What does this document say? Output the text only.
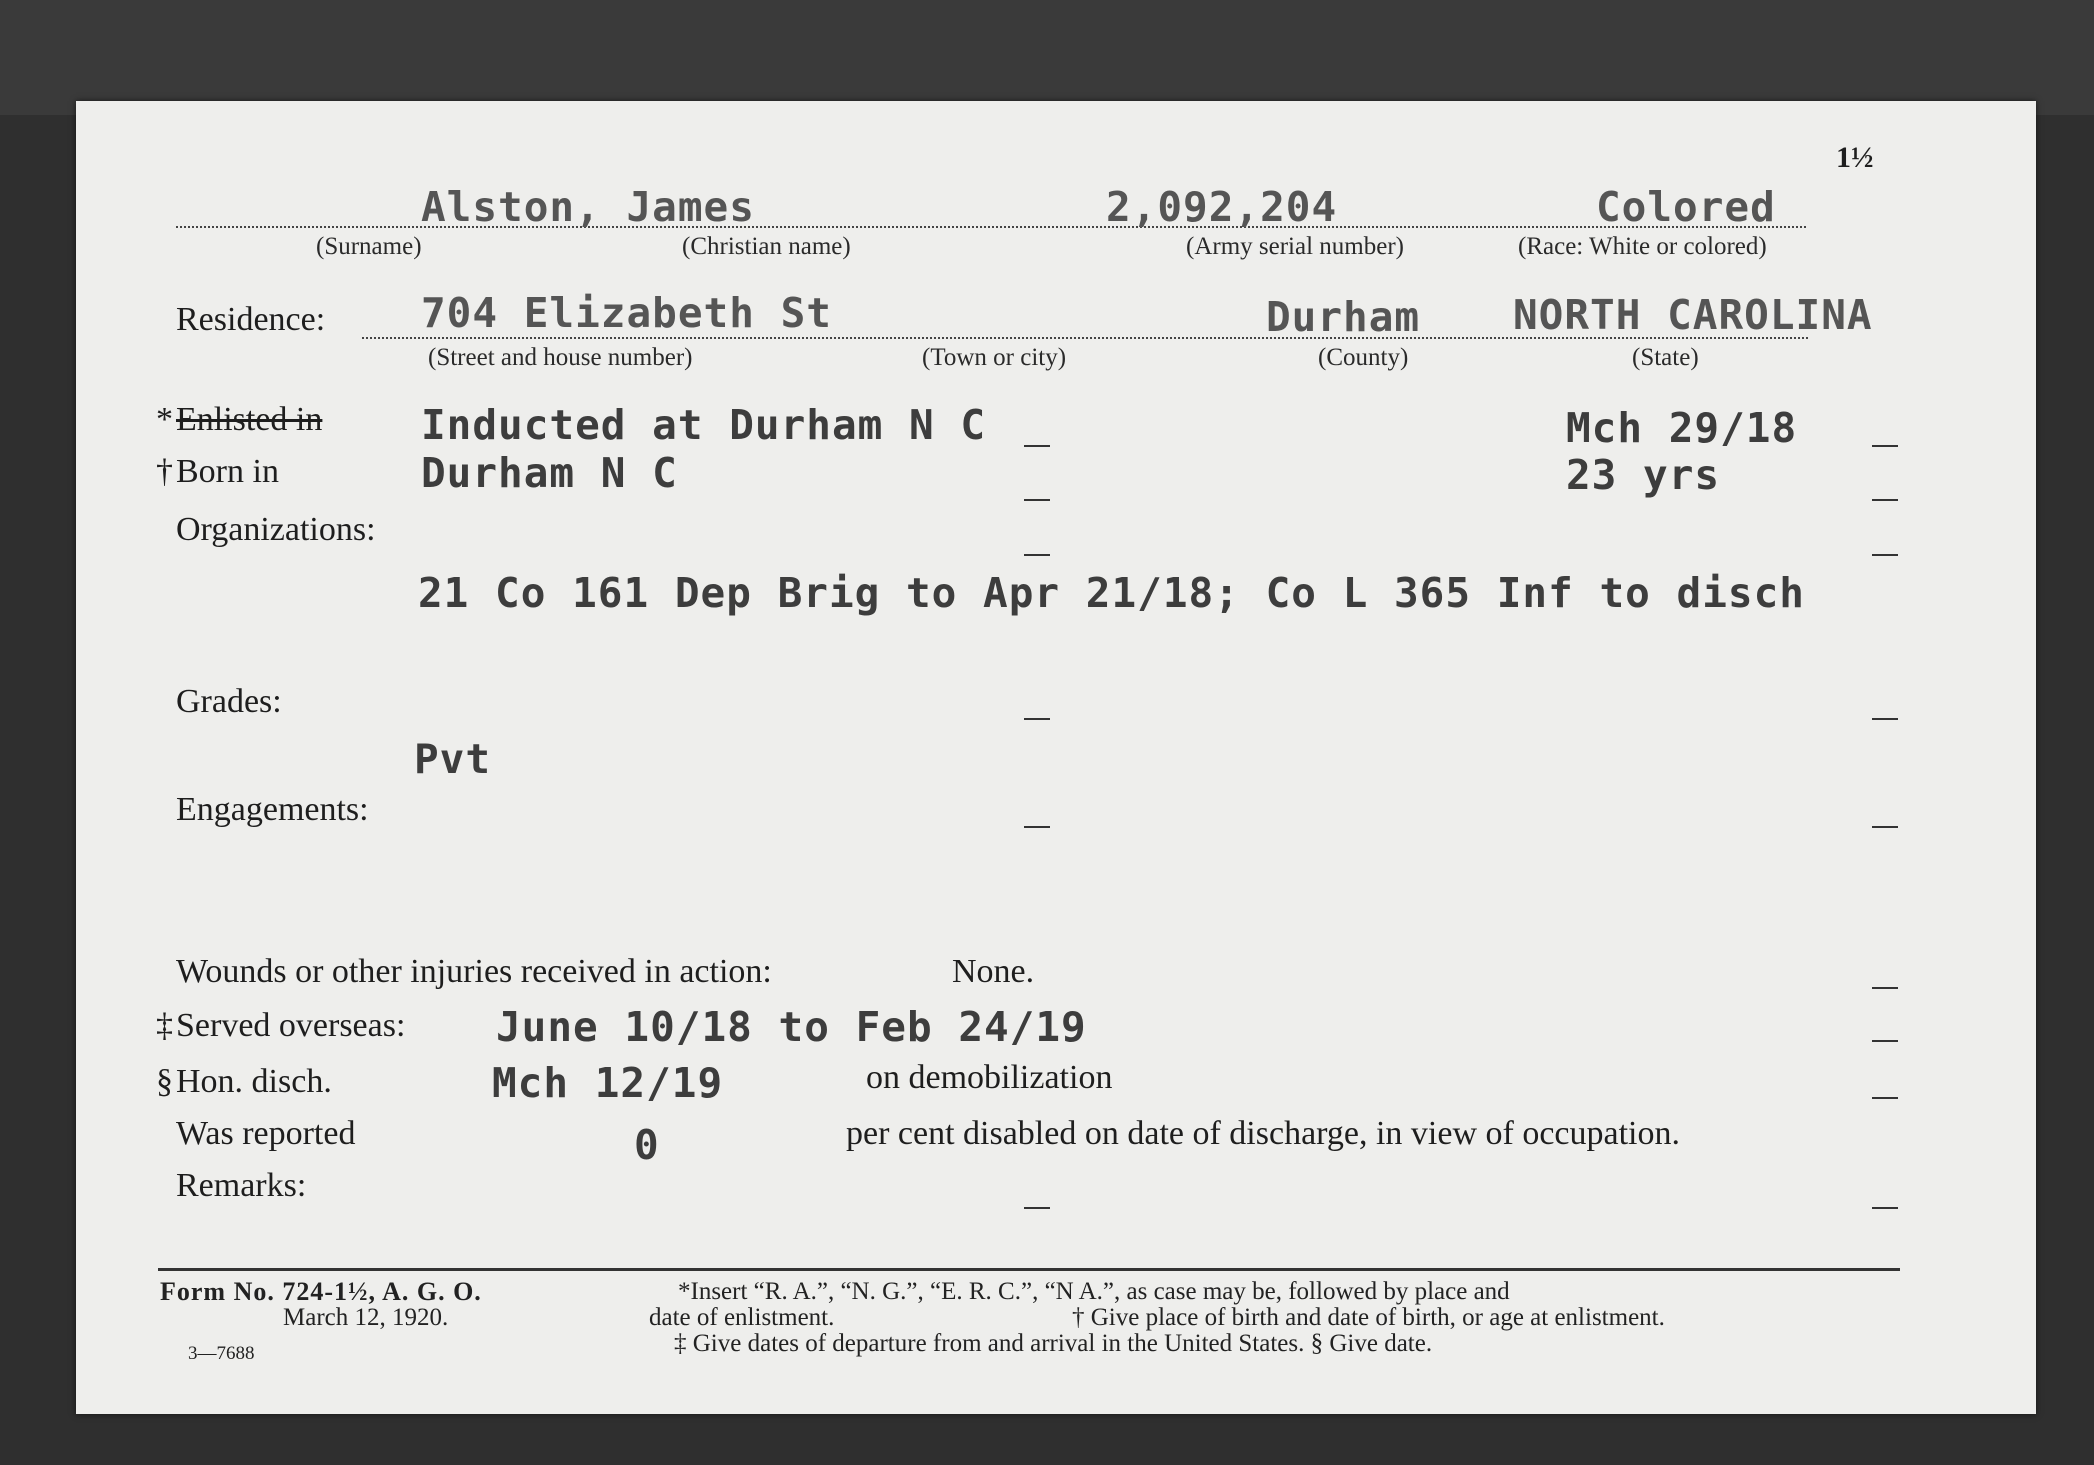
1½
Alston, James	2,092,204	Colored
(Surname)	(Christian name)	(Army serial number)	(Race: White or colored)
Residence: 704 Elizabeth St	Durham NORTH CAROLINA
(Street and house number)	(Town or city)	(County)	(State)
* Enlisted in Inducted at Durham N C	Mch 29/18
† Born in	Durham N C	23 yrs
Organizations:
21 Co 161 Dep Brig to Apr 21/18; Co L 365 Inf to disch
Grades:
Pvt
Engagements:
Wounds or other injuries received in action:	None.
‡ Served overseas: June 10/18 to Feb 24/19
§ Hon. disch.	Mch 12/19	on demobilization
Was reported	0	per cent disabled on date of discharge, in view of occupation.
Remarks:
Form No. 724-1½, A. G. O.
March 12, 1920.
3—7688
*Insert “R. A.”, “N. G.”, “E. R. C.”, “N A.”, as case may be, followed by place and
date of enlistment.	† Give place of birth and date of birth, or age at enlistment.
‡ Give dates of departure from and arrival in the United States. § Give date.
